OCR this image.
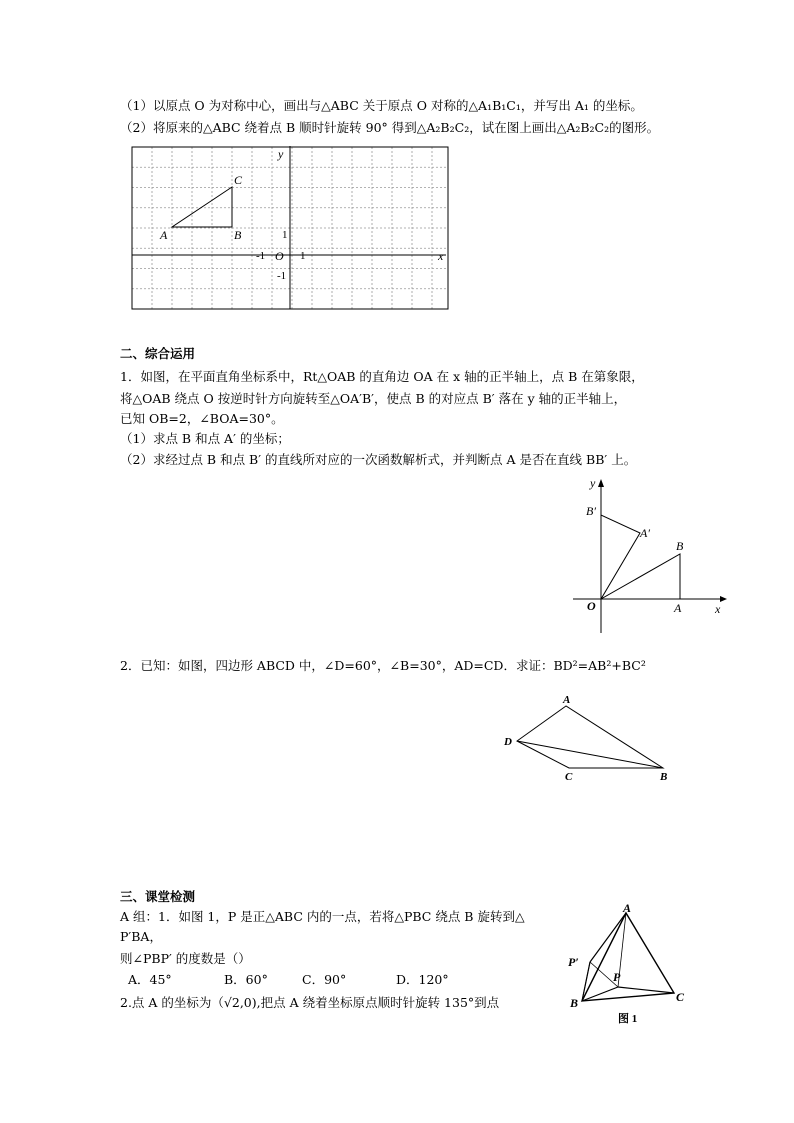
（1）以原点 O 为对称中心，画出与△ABC 关于原点 O 对称的△A₁B₁C₁，并写出 A₁ 的坐标。
（2）将原来的△ABC 绕着点 B 顺时针旋转 90° 得到△A₂B₂C₂，试在图上画出△A₂B₂C₂的图形。
y
x
C
A	B
O
1
-1	1
-1
二、综合运用
1．如图，在平面直角坐标系中，Rt△OAB 的直角边 OA 在 x 轴的正半轴上，点 B 在第象限，
将△OAB 绕点 O 按逆时针方向旋转至△OA′B′，使点 B 的对应点 B′ 落在 y 轴的正半轴上，
已知 OB=2，∠BOA=30°。
（1）求点 B 和点 A′ 的坐标；
（2）求经过点 B 和点 B′ 的直线所对应的一次函数解析式，并判断点 A 是否在直线 BB′ 上。
y
x
B′
A′
B
O	A
2．已知：如图，四边形 ABCD 中，∠D=60°，∠B=30°，AD=CD．求证：BD²=AB²+BC²
A
D
C	B
三、课堂检测
A 组：1．如图 1，P 是正△ABC 内的一点，若将△PBC 绕点 B 旋转到△
P′BA，
则∠PBP′ 的度数是（）
A．45°	B．60°	C．90°	D．120°
2.点 A 的坐标为（√2,0),把点 A 绕着坐标原点顺时针旋转 135°到点
A
P′
P
B	C
图 1
